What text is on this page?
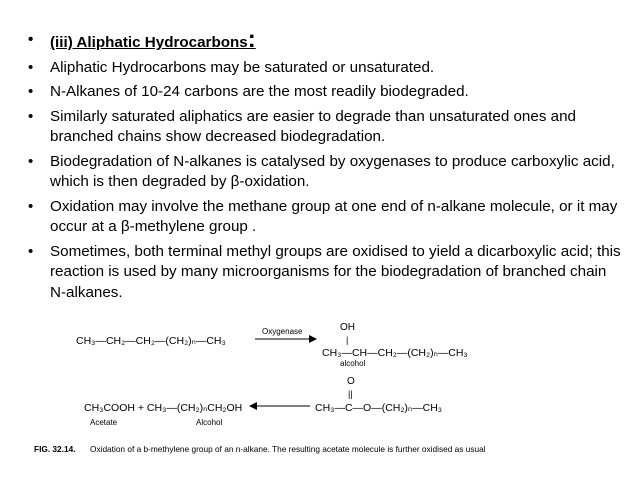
• (iii) Aliphatic Hydrocarbons:
• Aliphatic Hydrocarbons may be saturated or unsaturated.
• N-Alkanes of 10-24 carbons are the most readily biodegraded.
• Similarly saturated aliphatics are easier to degrade than unsaturated ones and branched chains show decreased biodegradation.
• Biodegradation of N-alkanes is catalysed by oxygenases to produce carboxylic acid, which is then degraded by β-oxidation.
• Oxidation may involve the methane group at one end of n-alkane molecule, or it may occur at a β-methylene group .
• Sometimes, both terminal methyl groups are oxidised to yield a dicarboxylic acid; this reaction is used by many microorganisms for the biodegradation of branched chain N-alkanes.
CH₃—CH₂—CH₂—(CH₂)ₙ—CH₃
Oxygenase	OH
|
CH₃—CH—CH₂—(CH₂)ₙ—CH₃
alcohol
O
||
CH₃—C—O—(CH₂)ₙ—CH₃
CH₃COOH + CH₃—(CH₂)ₙCH₂OH
Acetate	Alcohol
FIG. 32.14. Oxidation of a b-methylene group of an n-alkane. The resulting acetate molecule is further oxidised as usual
